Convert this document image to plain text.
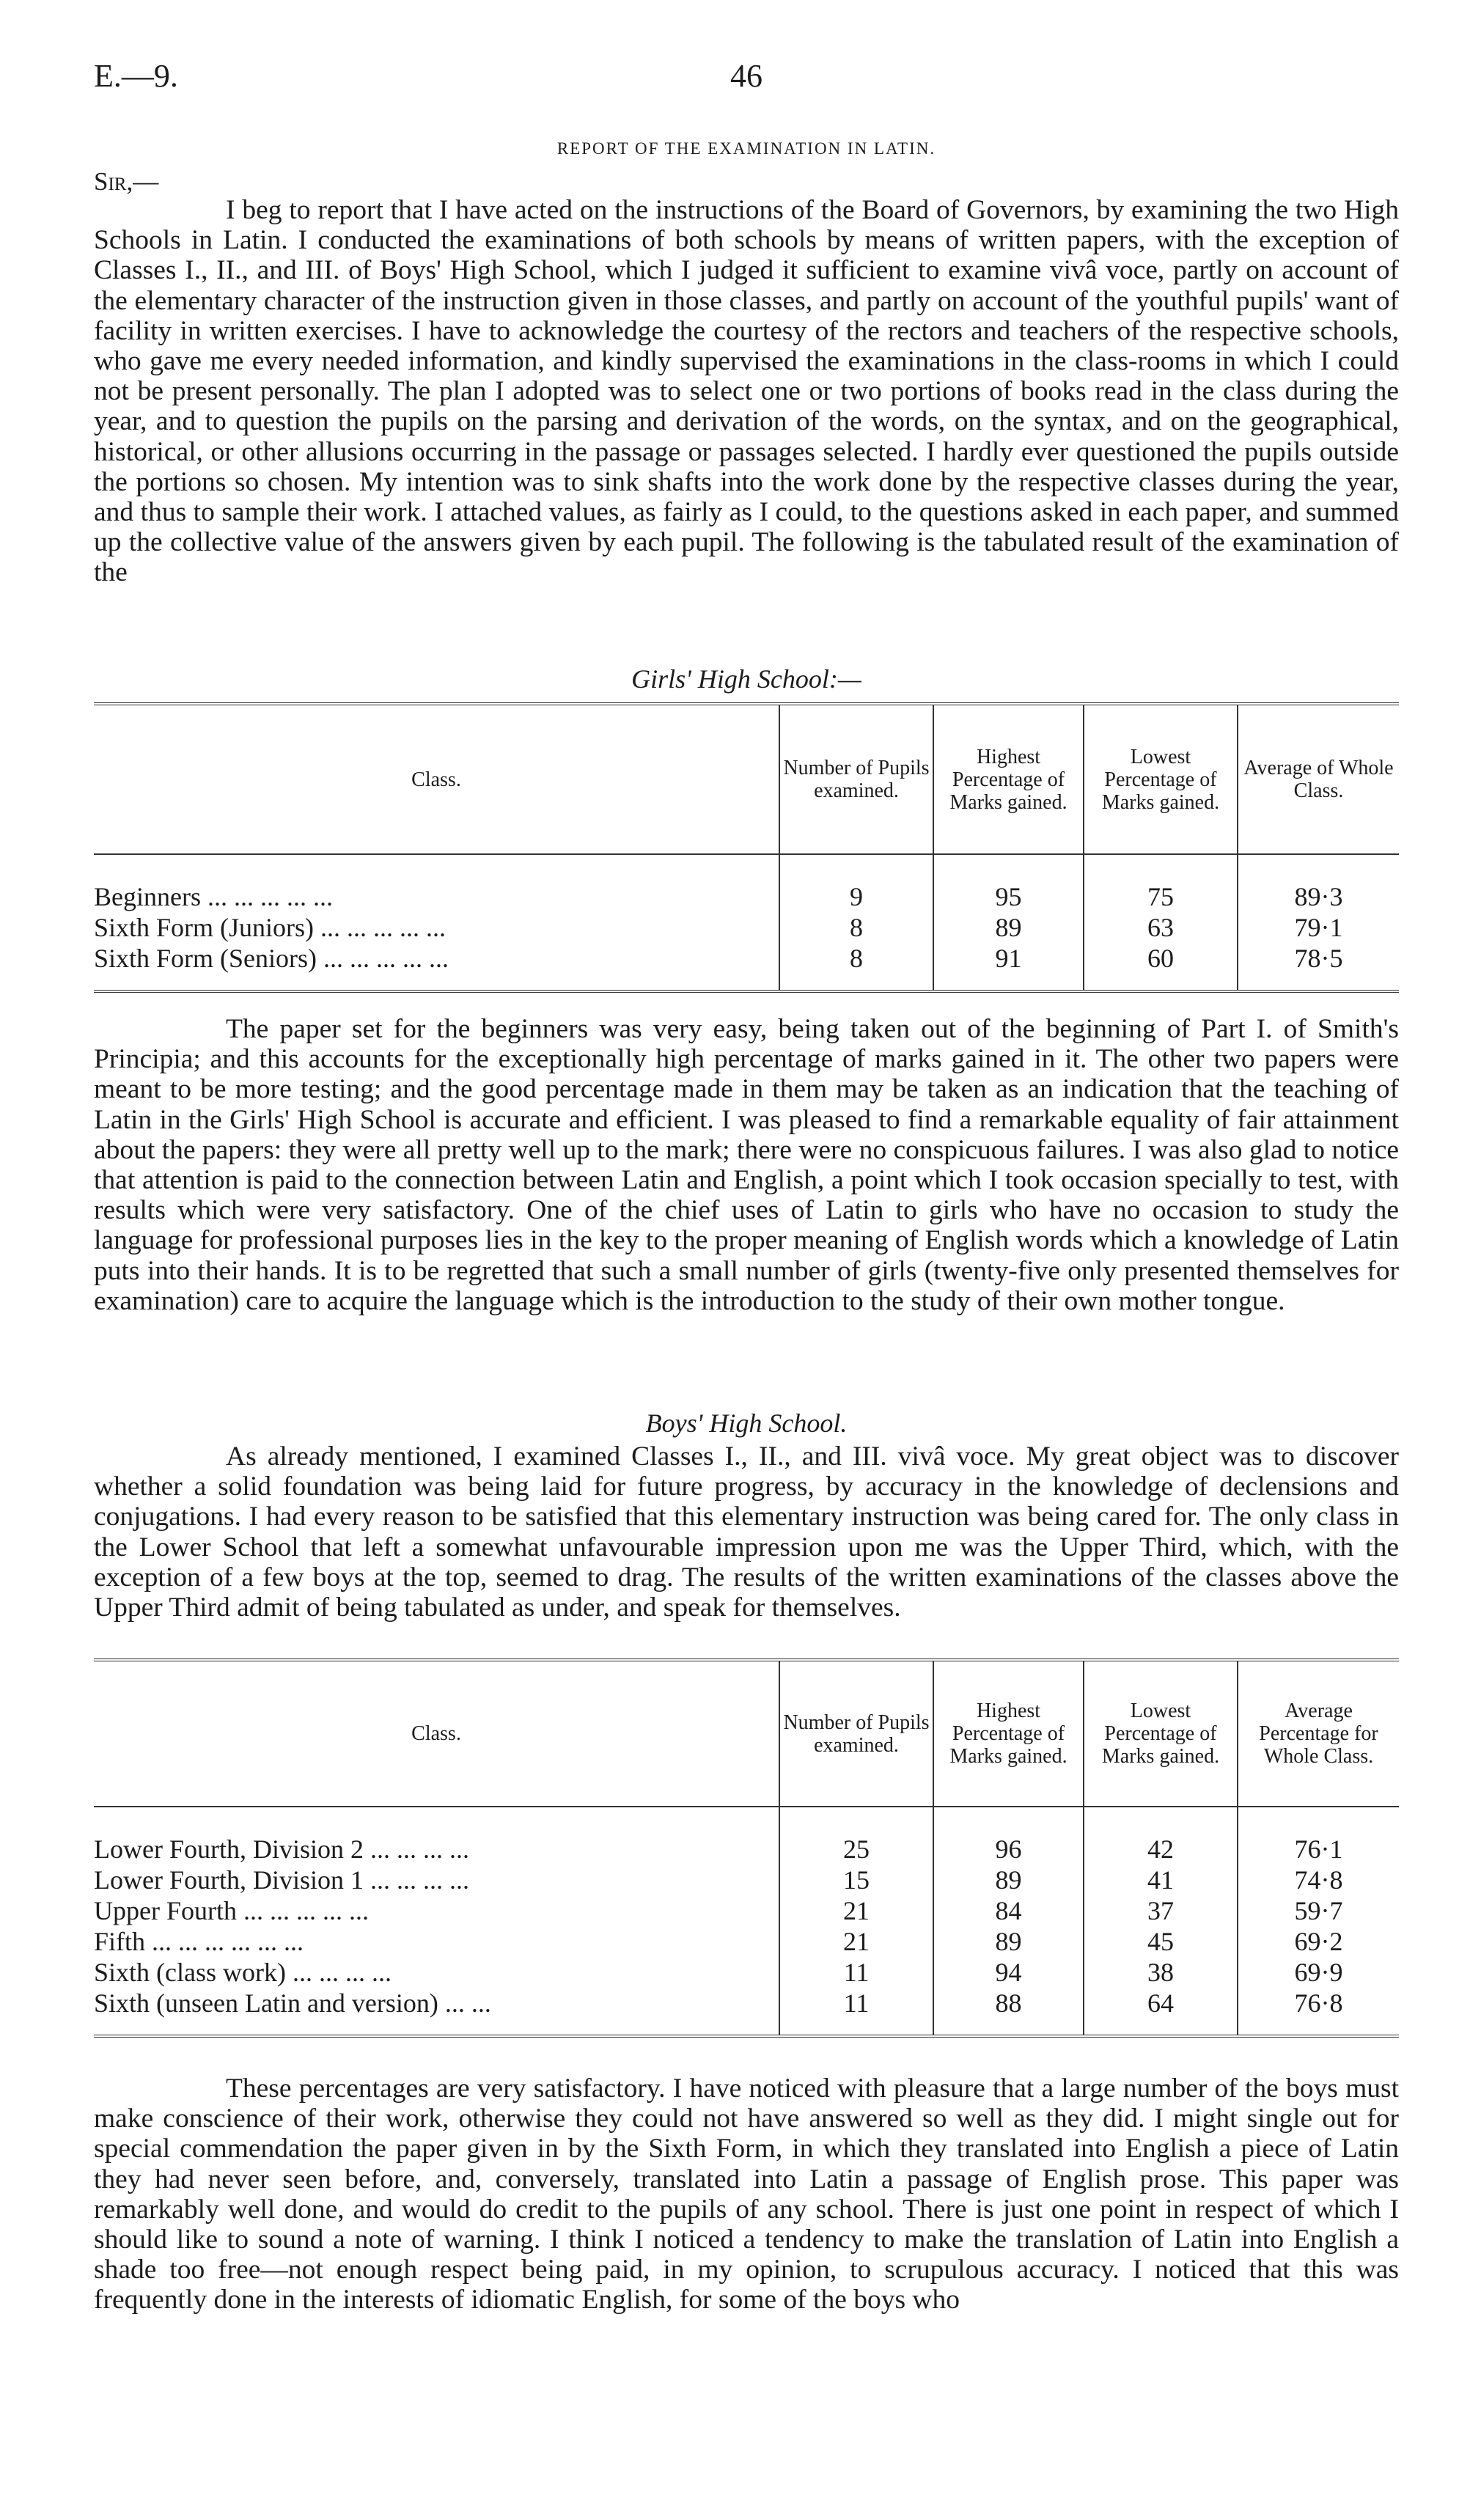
E.—9.	46
REPORT OF THE EXAMINATION IN LATIN.
Sir,—

I beg to report that I have acted on the instructions of the Board of Governors, by examining the two High Schools in Latin. I conducted the examinations of both schools by means of written papers, with the exception of Classes I., II., and III. of Boys' High School, which I judged it sufficient to examine vivâ voce, partly on account of the elementary character of the instruction given in those classes, and partly on account of the youthful pupils' want of facility in written exercises. I have to acknowledge the courtesy of the rectors and teachers of the respective schools, who gave me every needed information, and kindly supervised the examinations in the class-rooms in which I could not be present personally. The plan I adopted was to select one or two portions of books read in the class during the year, and to question the pupils on the parsing and derivation of the words, on the syntax, and on the geographical, historical, or other allusions occurring in the passage or passages selected. I hardly ever questioned the pupils outside the portions so chosen. My intention was to sink shafts into the work done by the respective classes during the year, and thus to sample their work. I attached values, as fairly as I could, to the questions asked in each paper, and summed up the collective value of the answers given by each pupil. The following is the tabulated result of the examination of the

Girls' High School:—
Class.	Number of Pupils examined.	Highest Percentage of Marks gained.	Lowest Percentage of Marks gained.	Average of Whole Class.

Beginners ... ... ... ... ...	9	95	75	89·3
Sixth Form (Juniors) ... ... ... ... ...	8	89	63	79·1
Sixth Form (Seniors) ... ... ... ... ...	8	91	60	78·5

The paper set for the beginners was very easy, being taken out of the beginning of Part I. of Smith's Principia; and this accounts for the exceptionally high percentage of marks gained in it. The other two papers were meant to be more testing; and the good percentage made in them may be taken as an indication that the teaching of Latin in the Girls' High School is accurate and efficient. I was pleased to find a remarkable equality of fair attainment about the papers: they were all pretty well up to the mark; there were no conspicuous failures. I was also glad to notice that attention is paid to the connection between Latin and English, a point which I took occasion specially to test, with results which were very satisfactory. One of the chief uses of Latin to girls who have no occasion to study the language for professional purposes lies in the key to the proper meaning of English words which a knowledge of Latin puts into their hands. It is to be regretted that such a small number of girls (twenty-five only presented themselves for examination) care to acquire the language which is the introduction to the study of their own mother tongue.

Boys' High School.

As already mentioned, I examined Classes I., II., and III. vivâ voce. My great object was to discover whether a solid foundation was being laid for future progress, by accuracy in the knowledge of declensions and conjugations. I had every reason to be satisfied that this elementary instruction was being cared for. The only class in the Lower School that left a somewhat unfavourable impression upon me was the Upper Third, which, with the exception of a few boys at the top, seemed to drag. The results of the written examinations of the classes above the Upper Third admit of being tabulated as under, and speak for themselves.

Class.	Number of Pupils examined.	Highest Percentage of Marks gained.	Lowest Percentage of Marks gained.	Average Percentage for Whole Class.

Lower Fourth, Division 2 ... ... ... ...	25	96	42	76·1
Lower Fourth, Division 1 ... ... ... ...	15	89	41	74·8
Upper Fourth ... ... ... ... ...	21	84	37	59·7
Fifth ... ... ... ... ... ...	21	89	45	69·2
Sixth (class work) ... ... ... ...	11	94	38	69·9
Sixth (unseen Latin and version) ... ...	11	88	64	76·8

These percentages are very satisfactory. I have noticed with pleasure that a large number of the boys must make conscience of their work, otherwise they could not have answered so well as they did. I might single out for special commendation the paper given in by the Sixth Form, in which they translated into English a piece of Latin they had never seen before, and, conversely, translated into Latin a passage of English prose. This paper was remarkably well done, and would do credit to the pupils of any school. There is just one point in respect of which I should like to sound a note of warning. I think I noticed a tendency to make the translation of Latin into English a shade too free—not enough respect being paid, in my opinion, to scrupulous accuracy. I noticed that this was frequently done in the interests of idiomatic English, for some of the boys who
